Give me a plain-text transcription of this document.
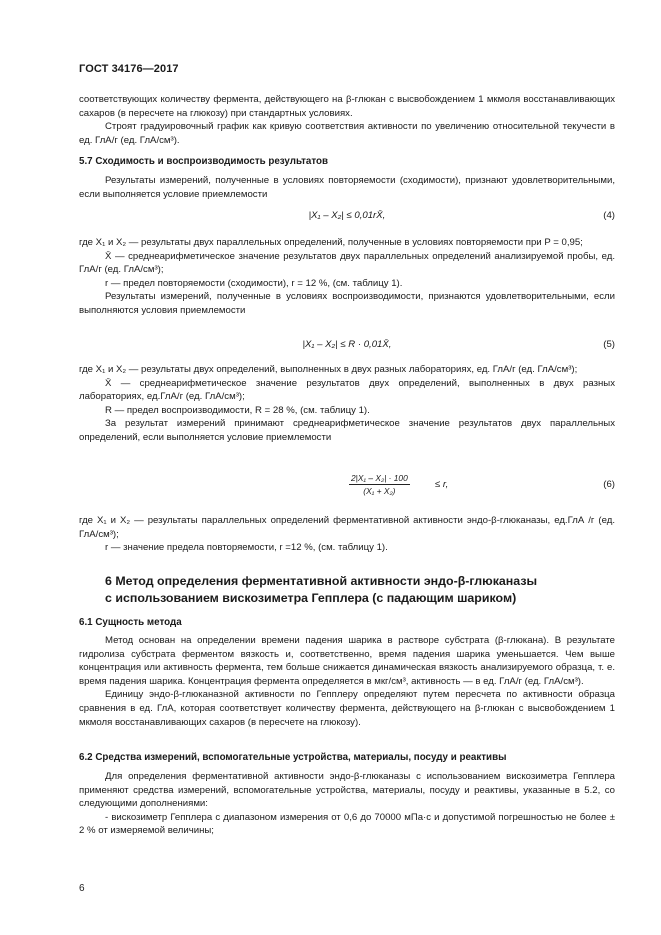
ГОСТ 34176—2017

соответствующих количеству фермента, действующего на β-глюкан с высвобождением 1 мкмоля восстанавливающих сахаров (в пересчете на глюкозу) при стандартных условиях.

Строят градуировочный график как кривую соответствия активности по увеличению относительной текучести в ед. ГлА/г (ед. ГлА/см³).

5.7 Сходимость и воспроизводимость результатов
Результаты измерений, полученные в условиях повторяемости (сходимости), признают удовлетворительными, если выполняется условие приемлемости
|X₁ – X₂| ≤ 0,01rX̄,	(4)

где X₁ и X₂ — результаты двух параллельных определений, полученные в условиях повторяемости при P = 0,95;

X̄ — среднеарифметическое значение результатов двух параллельных определений анализируемой пробы, ед. ГлА/г (ед. ГлА/см³);

r — предел повторяемости (сходимости), r = 12 %, (см. таблицу 1).

Результаты измерений, полученные в условиях воспроизводимости, признаются удовлетворительными, если выполняются условия приемлемости

|X₁ – X₂| ≤ R · 0,01X̄,	(5)

где X₁ и X₂ — результаты двух определений, выполненных в двух разных лабораториях, ед. ГлА/г (ед. ГлА/см³);

X̄ — среднеарифметическое значение результатов двух определений, выполненных в двух разных лабораториях, ед.ГлА/г (ед. ГлА/см³);

R — предел воспроизводимости, R = 28 %, (см. таблицу 1).

За результат измерений принимают среднеарифметическое значение результатов двух параллельных определений, если выполняется условие приемлемости

$\frac{\text{2|X₁ – X₂| · 100}}{\text{(X₁ + X₂)}}$	≤ r,	(6)

где X₁ и X₂ — результаты параллельных определений ферментативной активности эндо-β-глюканазы, ед.ГлА /г (ед. ГлА/см³);

r — значение предела повторяемости, r =12 %, (см. таблицу 1).

6 Метод определения ферментативной активности эндо-β-глюканазы
с использованием вискозиметра Гепплера (с падающим шариком)
6.1 Сущность метода

Метод основан на определении времени падения шарика в растворе субстрата (β-глюкана). В результате гидролиза субстрата ферментом вязкость и, соответственно, время падения шарика уменьшается. Чем выше концентрация или активность фермента, тем больше снижается динамическая вязкость анализируемого образца, т. е. время падения шарика. Концентрация фермента определяется в мкг/см³, активность — в ед. ГлА/г (ед. ГлА/см³).

Единицу эндо-β-глюканазной активности по Гепплеру определяют путем пересчета по активности образца сравнения в ед. ГлА, которая соответствует количеству фермента, действующего на β-глюкан с высвобождением 1 мкмоля восстанавливающих сахаров (в пересчете на глюкозу).

6.2 Средства измерений, вспомогательные устройства, материалы, посуду и реактивы

Для определения ферментативной активности эндо-β-глюканазы с использованием вискозиметра Гепплера применяют средства измерений, вспомогательные устройства, материалы, посуду и реактивы, указанные в 5.2, со следующими дополнениями:

- вискозиметр Гепплера с диапазоном измерения от 0,6 до 70000 мПа·с и допустимой погрешностью не более ± 2 % от измеряемой величины;

6
